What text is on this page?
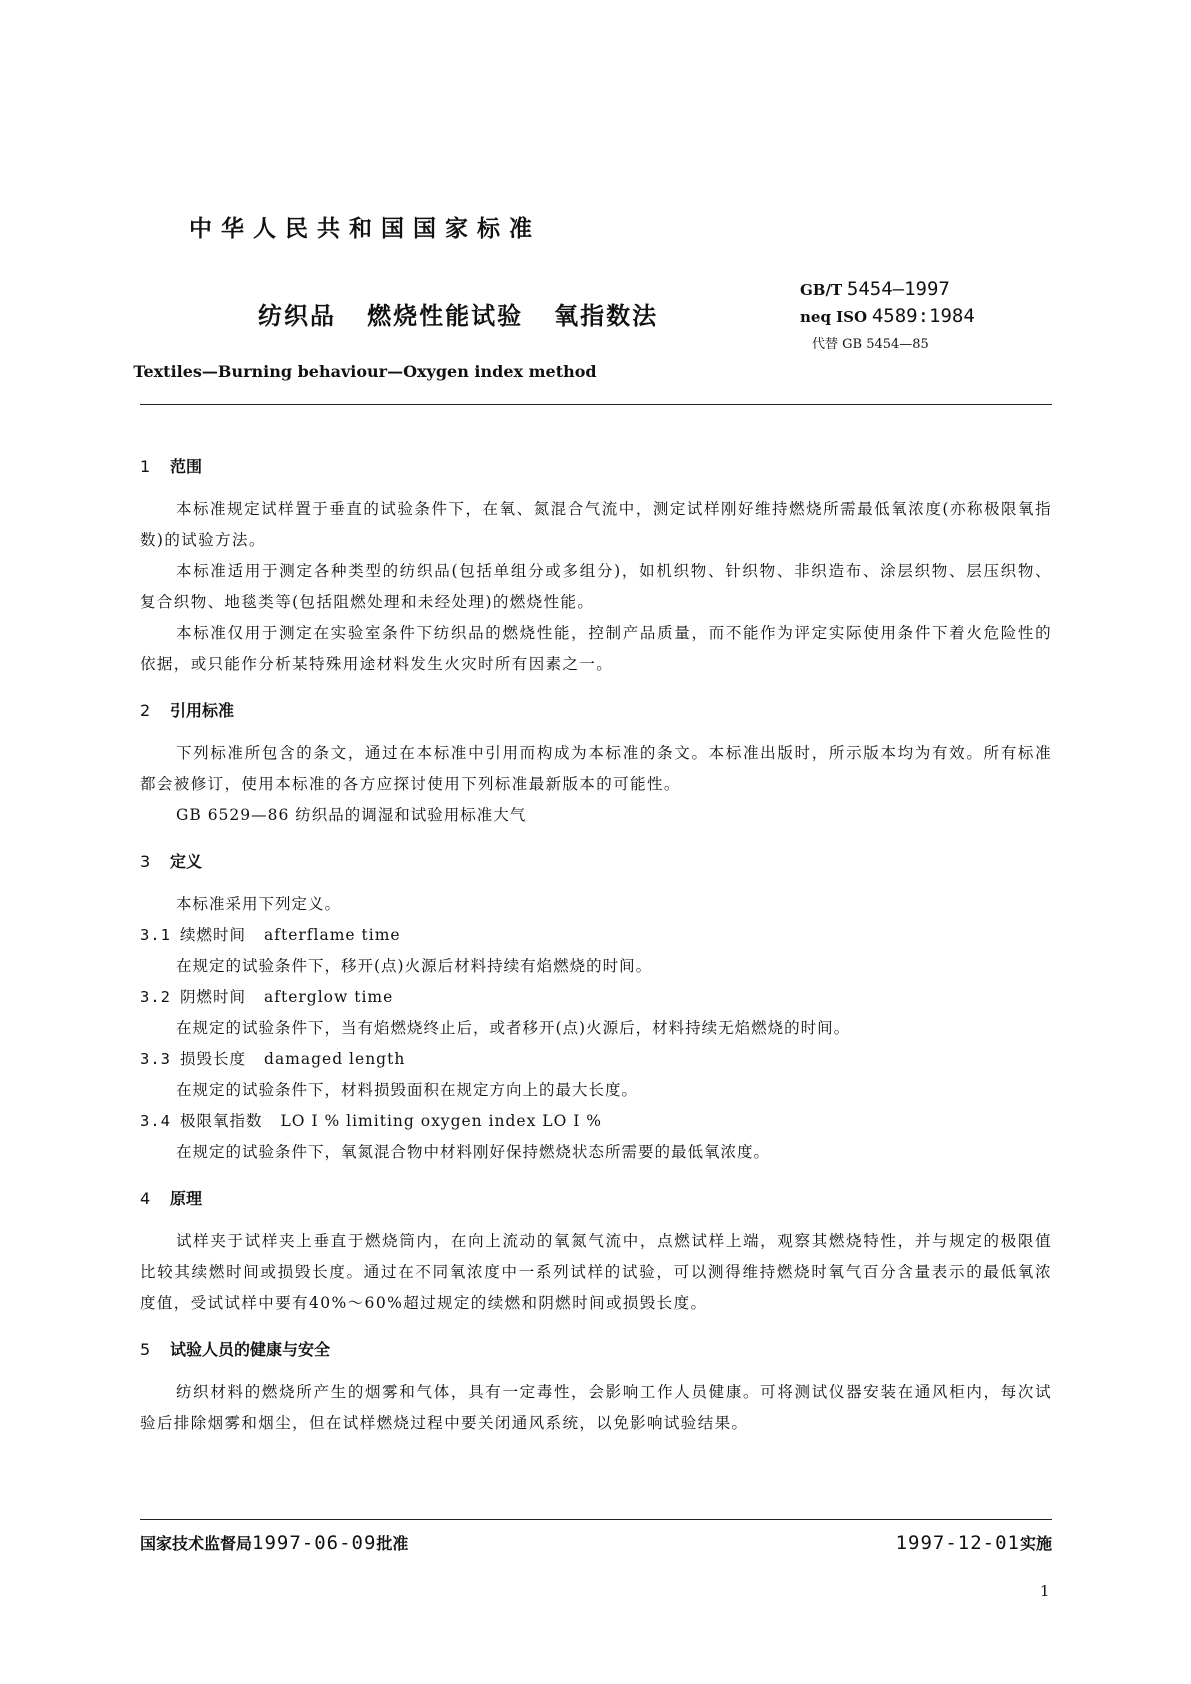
中华人民共和国国家标准
纺织品   燃烧性能试验   氧指数法
GB/T 5454—1997
neq ISO 4589:1984
代替 GB 5454—85
Textiles—Burning behaviour—Oxygen index method
1 范围
本标准规定试样置于垂直的试验条件下，在氧、氮混合气流中，测定试样刚好维持燃烧所需最低氧浓度(亦称极限氧指数)的试验方法。
本标准适用于测定各种类型的纺织品(包括单组分或多组分)，如机织物、针织物、非织造布、涂层织物、层压织物、复合织物、地毯类等(包括阻燃处理和未经处理)的燃烧性能。
本标准仅用于测定在实验室条件下纺织品的燃烧性能，控制产品质量，而不能作为评定实际使用条件下着火危险性的依据，或只能作分析某特殊用途材料发生火灾时所有因素之一。
2 引用标准
下列标准所包含的条文，通过在本标准中引用而构成为本标准的条文。本标准出版时，所示版本均为有效。所有标准都会被修订，使用本标准的各方应探讨使用下列标准最新版本的可能性。
GB 6529—86 纺织品的调湿和试验用标准大气
3 定义
本标准采用下列定义。
3.1 续燃时间 afterflame time
在规定的试验条件下，移开(点)火源后材料持续有焰燃烧的时间。
3.2 阴燃时间 afterglow time
在规定的试验条件下，当有焰燃烧终止后，或者移开(点)火源后，材料持续无焰燃烧的时间。
3.3 损毁长度 damaged length
在规定的试验条件下，材料损毁面积在规定方向上的最大长度。
3.4 极限氧指数 LO I % limiting oxygen index LO I %
在规定的试验条件下，氧氮混合物中材料刚好保持燃烧状态所需要的最低氧浓度。
4 原理
试样夹于试样夹上垂直于燃烧筒内，在向上流动的氧氮气流中，点燃试样上端，观察其燃烧特性，并与规定的极限值比较其续燃时间或损毁长度。通过在不同氧浓度中一系列试样的试验，可以测得维持燃烧时氧气百分含量表示的最低氧浓度值，受试试样中要有40%～60%超过规定的续燃和阴燃时间或损毁长度。
5 试验人员的健康与安全
纺织材料的燃烧所产生的烟雾和气体，具有一定毒性，会影响工作人员健康。可将测试仪器安装在通风柜内，每次试验后排除烟雾和烟尘，但在试样燃烧过程中要关闭通风系统，以免影响试验结果。
国家技术监督局1997-06-09批准	1997-12-01实施
1
